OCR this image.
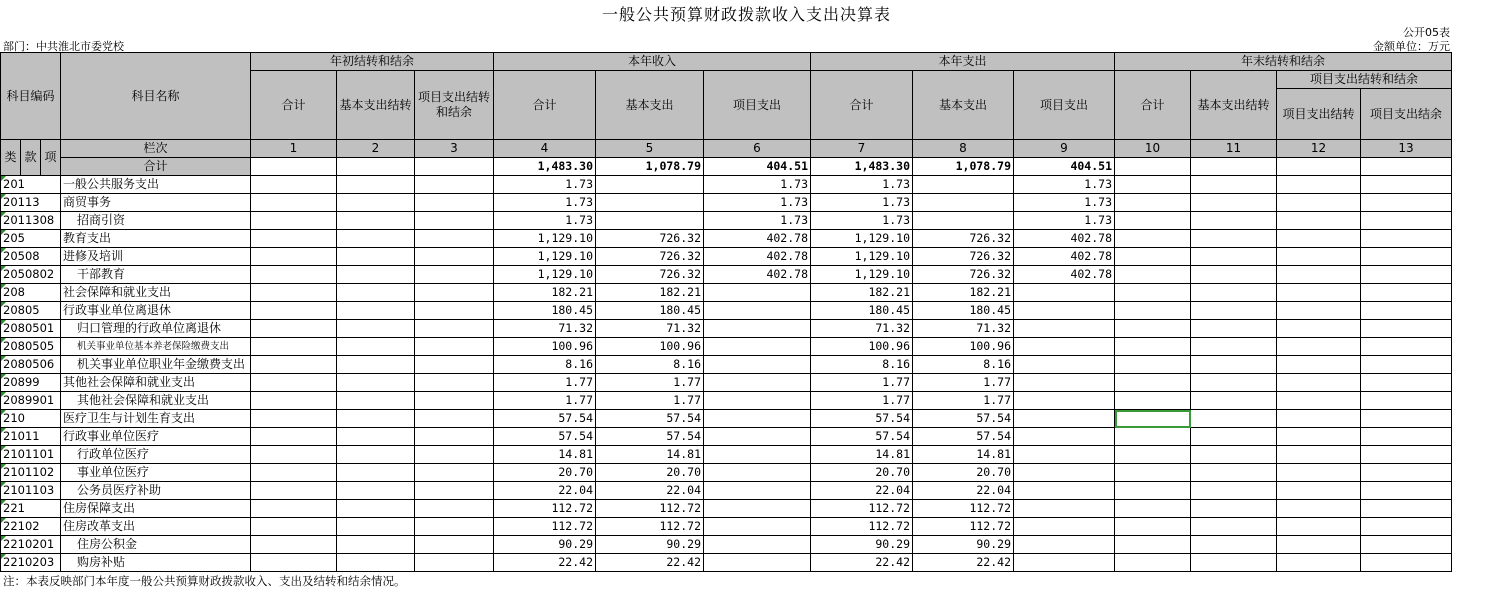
一般公共预算财政拨款收入支出决算表
公开05表
部门：中共淮北市委党校	金额单位：万元
科目编码			科目名称	年初结转和结余			本年收入			本年支出			年末结转和结余			
				合计	基本支出结转	项目支出结转和结余	合计	基本支出	项目支出	合计	基本支出	项目支出	合计	基本支出结转	项目支出结转和结余	
															项目支出结转	项目支出结余
类	款	项	栏次	1	2	3	4	5	6	7	8	9	10	11	12	13
			合计				1,483.30	1,078.79	404.51	1,483.30	1,078.79	404.51				
201			一般公共服务支出				1.73		1.73	1.73		1.73				
20113			商贸事务				1.73		1.73	1.73		1.73				
2011308			招商引资				1.73		1.73	1.73		1.73				
205			教育支出				1,129.10	726.32	402.78	1,129.10	726.32	402.78				
20508			进修及培训				1,129.10	726.32	402.78	1,129.10	726.32	402.78				
2050802			干部教育				1,129.10	726.32	402.78	1,129.10	726.32	402.78				
208			社会保障和就业支出				182.21	182.21		182.21	182.21					
20805			行政事业单位离退休				180.45	180.45		180.45	180.45					
2080501			归口管理的行政单位离退休				71.32	71.32		71.32	71.32					
2080505			机关事业单位基本养老保险缴费支出				100.96	100.96		100.96	100.96					
2080506			机关事业单位职业年金缴费支出				8.16	8.16		8.16	8.16					
20899			其他社会保障和就业支出				1.77	1.77		1.77	1.77					
2089901			其他社会保障和就业支出				1.77	1.77		1.77	1.77					
210			医疗卫生与计划生育支出				57.54	57.54		57.54	57.54					
21011			行政事业单位医疗				57.54	57.54		57.54	57.54					
2101101			行政单位医疗				14.81	14.81		14.81	14.81					
2101102			事业单位医疗				20.70	20.70		20.70	20.70					
2101103			公务员医疗补助				22.04	22.04		22.04	22.04					
221			住房保障支出				112.72	112.72		112.72	112.72					
22102			住房改革支出				112.72	112.72		112.72	112.72					
2210201			住房公积金				90.29	90.29		90.29	90.29					
2210203			购房补贴				22.42	22.42		22.42	22.42					
注：本表反映部门本年度一般公共预算财政拨款收入、支出及结转和结余情况。
